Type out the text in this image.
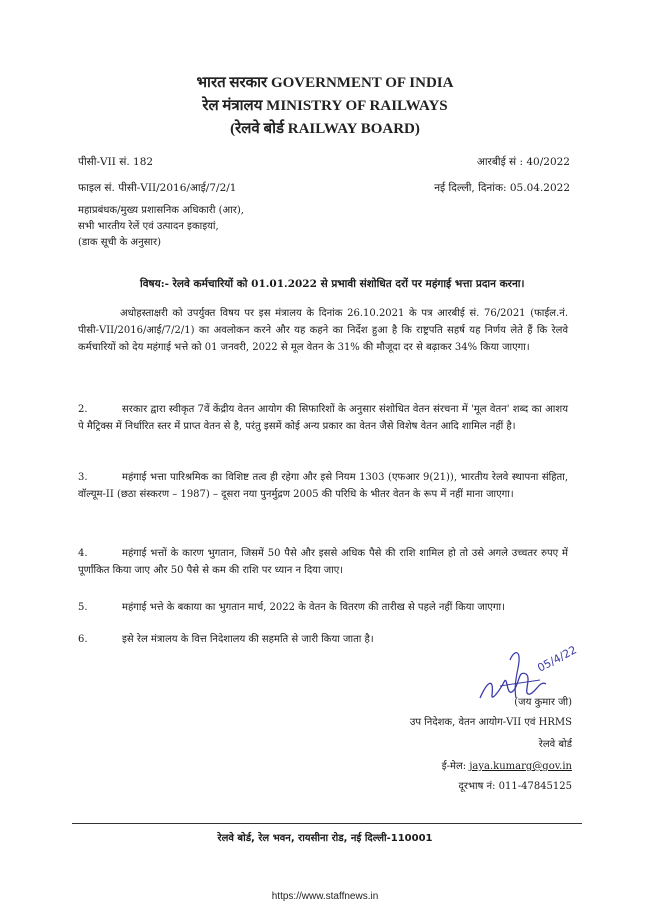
भारत सरकार GOVERNMENT OF INDIA
रेल मंत्रालय MINISTRY OF RAILWAYS
(रेलवे बोर्ड RAILWAY BOARD)
पीसी-VII सं. 182
फाइल सं. पीसी-VII/2016/आई/7/2/1
आरबीई सं : 40/2022
नई दिल्ली, दिनांक: 05.04.2022
महाप्रबंधक/मुख्य प्रशासनिक अधिकारी (आर),
सभी भारतीय रेलें एवं उत्पादन इकाइयां,
(डाक सूची के अनुसार)
विषय:- रेलवे कर्मचारियों को 01.01.2022 से प्रभावी संशोधित दरों पर महंगाई भत्ता प्रदान करना।
अधोहस्ताक्षरी को उपर्युक्त विषय पर इस मंत्रालय के दिनांक 26.10.2021 के पत्र आरबीई सं. 76/2021 (फाईल.नं. पीसी-VII/2016/आई/7/2/1) का अवलोकन करने और यह कहने का निर्देश हुआ है कि राष्ट्रपति सहर्ष यह निर्णय लेते हैं कि रेलवे कर्मचारियों को देय महंगाई भत्ते को 01 जनवरी, 2022 से मूल वेतन के 31% की मौजूदा दर से बढ़ाकर 34% किया जाएगा।
2.	सरकार द्वारा स्वीकृत 7वें केंद्रीय वेतन आयोग की सिफारिशों के अनुसार संशोधित वेतन संरचना में 'मूल वेतन' शब्द का आशय पे मैट्रिक्स में निर्धारित स्तर में प्राप्त वेतन से है, परंतु इसमें कोई अन्य प्रकार का वेतन जैसे विशेष वेतन आदि शामिल नहीं है।
3.	महंगाई भत्ता पारिश्रमिक का विशिष्ट तत्व ही रहेगा और इसे नियम 1303 (एफआर 9(21)), भारतीय रेलवे स्थापना संहिता, वॉल्यूम-II (छठा संस्करण – 1987) – दूसरा नया पुनर्मुद्रण 2005 की परिधि के भीतर वेतन के रूप में नहीं माना जाएगा।
4.	महंगाई भत्तों के कारण भुगतान, जिसमें 50 पैसे और इससे अधिक पैसे की राशि शामिल हो तो उसे अगले उच्चतर रुपए में पूर्णांकित किया जाए और 50 पैसे से कम की राशि पर ध्यान न दिया जाए।
5.	महंगाई भत्ते के बकाया का भुगतान मार्च, 2022 के वेतन के वितरण की तारीख से पहले नहीं किया जाएगा।
6.	इसे रेल मंत्रालय के वित्त निदेशालय की सहमति से जारी किया जाता है।
05/4/22
(जय कुमार जी)
उप निदेशक, वेतन आयोग-VII एवं HRMS
रेलवे बोर्ड
ई-मेल: jaya.kumarg@gov.in
दूरभाष नं: 011-47845125
रेलवे बोर्ड, रेल भवन, रायसीना रोड, नई दिल्ली-110001
https://www.staffnews.in
